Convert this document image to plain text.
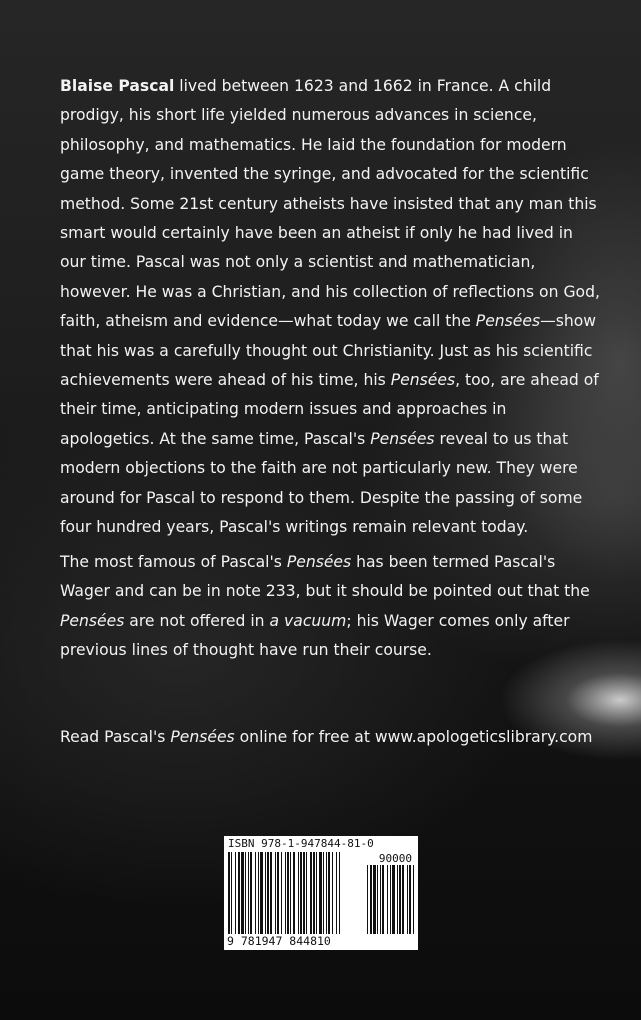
Blaise Pascal lived between 1623 and 1662 in France. A child prodigy, his short life yielded numerous advances in science, philosophy, and mathematics. He laid the foundation for modern game theory, invented the syringe, and advocated for the scientific method. Some 21st century atheists have insisted that any man this smart would certainly have been an atheist if only he had lived in our time. Pascal was not only a scientist and mathematician, however. He was a Christian, and his collection of reflections on God, faith, atheism and evidence—what today we call the Pensées—show that his was a carefully thought out Christianity. Just as his scientific achievements were ahead of his time, his Pensées, too, are ahead of their time, anticipating modern issues and approaches in apologetics. At the same time, Pascal's Pensées reveal to us that modern objections to the faith are not particularly new. They were around for Pascal to respond to them. Despite the passing of some four hundred years, Pascal's writings remain relevant today.
The most famous of Pascal's Pensées has been termed Pascal's Wager and can be in note 233, but it should be pointed out that the Pensées are not offered in a vacuum; his Wager comes only after previous lines of thought have run their course.
Read Pascal's Pensées online for free at www.apologeticslibrary.com
ISBN 978-1-947844-81-0
90000
9 781947 844810
